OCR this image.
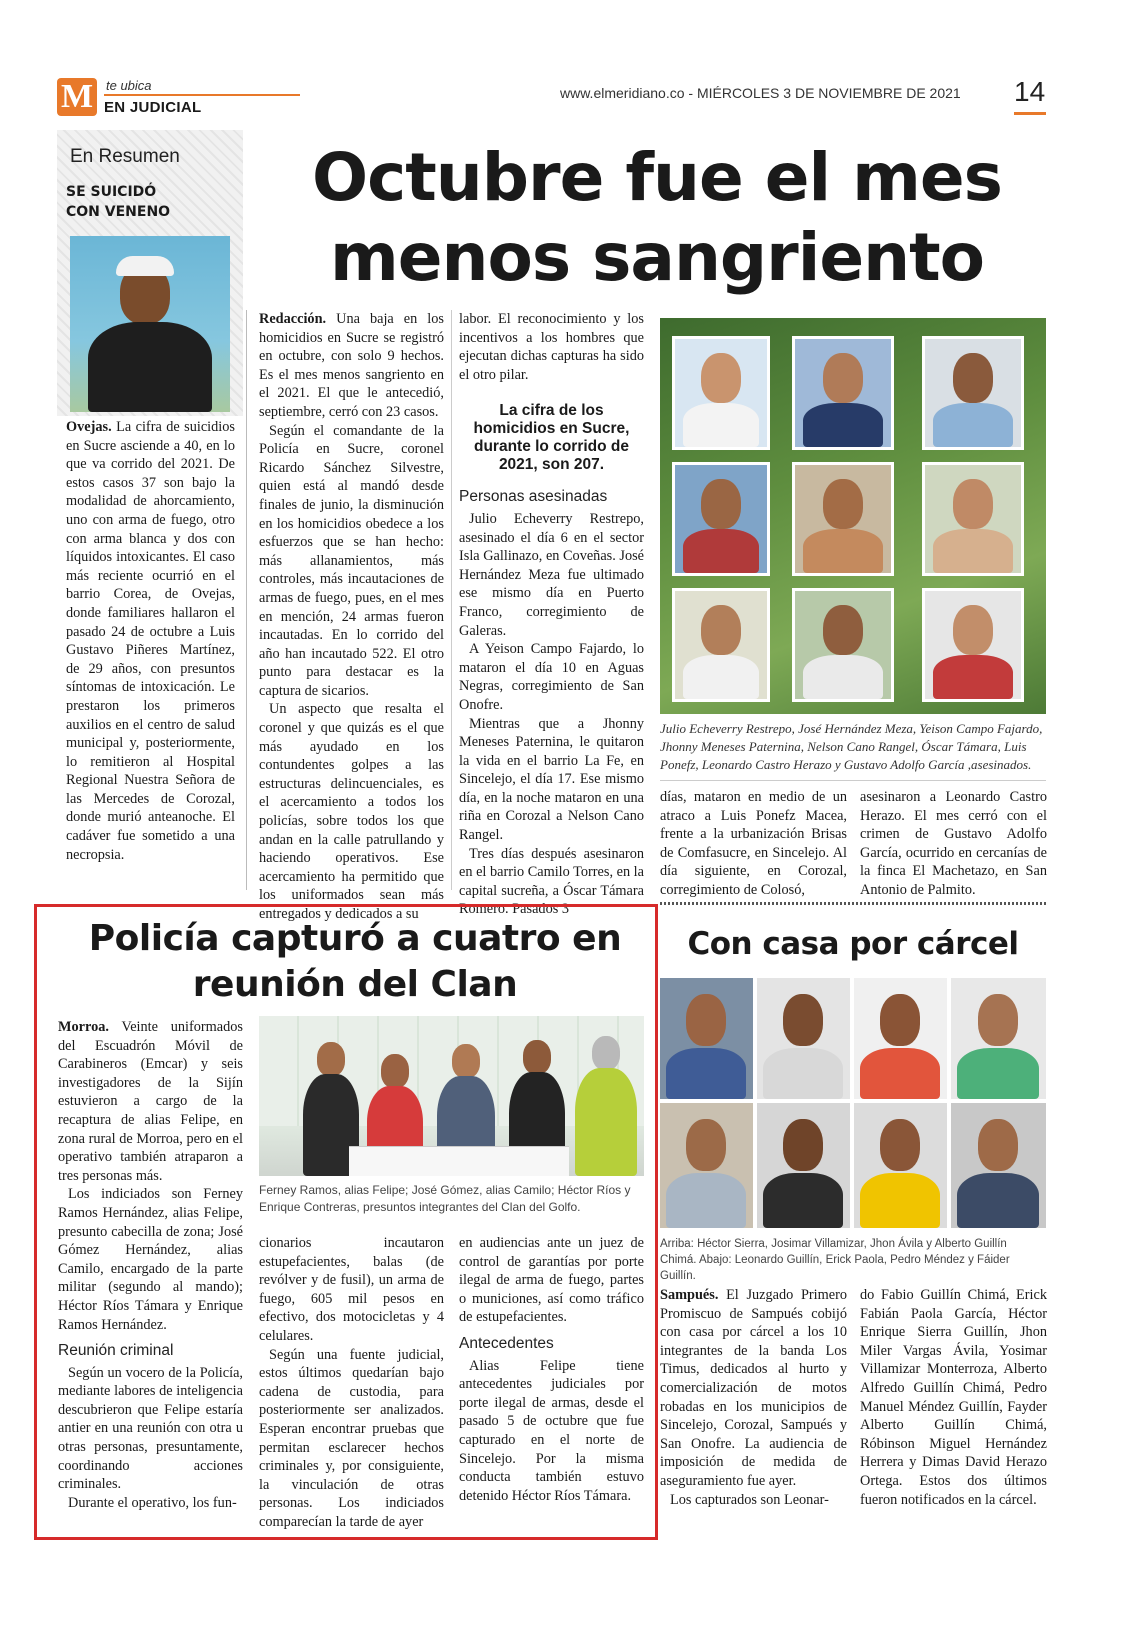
M te ubica
EN JUDICIAL
www.elmeridiano.co - MIÉRCOLES 3 DE NOVIEMBRE DE 2021 14
En Resumen
SE SUICIDÓ CON VENENO

Ovejas. La cifra de suicidios en Sucre asciende a 40, en lo que va corrido del 2021. De estos casos 37 son bajo la modalidad de ahorcamiento, uno con arma de fuego, otro con arma blanca y dos con líquidos intoxicantes. El caso más reciente ocurrió en el barrio Corea, de Ovejas, donde familiares hallaron el pasado 24 de octubre a Luis Gustavo Piñeres Martínez, de 29 años, con presuntos síntomas de intoxicación. Le prestaron los primeros auxilios en el centro de salud municipal y, posteriormente, lo remitieron al Hospital Regional Nuestra Señora de las Mercedes de Corozal, donde murió anteanoche. El cadáver fue sometido a una necropsia.

Octubre fue el mes menos sangriento

Redacción. Una baja en los homicidios en Sucre se registró en octubre, con solo 9 hechos. Es el mes menos sangriento en el 2021. El que le antecedió, septiembre, cerró con 23 casos.

Según el comandante de la Policía en Sucre, coronel Ricardo Sánchez Silvestre, quien está al mandó desde finales de junio, la disminución en los homicidios obedece a los esfuerzos que se han hecho: más allanamientos, más controles, más incautaciones de armas de fuego, pues, en el mes en mención, 24 armas fueron incautadas. En lo corrido del año han incautado 522. El otro punto para destacar es la captura de sicarios.

Un aspecto que resalta el coronel y que quizás es el que más ayudado en los contundentes golpes a las estructuras delincuenciales, es el acercamiento a todos los policías, sobre todos los que andan en la calle patrullando y haciendo operativos. Ese acercamiento ha permitido que los uniformados sean más entregados y dedicados a su

labor. El reconocimiento y los incentivos a los hombres que ejecutan dichas capturas ha sido el otro pilar.

La cifra de los homicidios en Sucre, durante lo corrido de 2021, son 207.
Personas asesinadas

Julio Echeverry Restrepo, asesinado el día 6 en el sector Isla Gallinazo, en Coveñas. José Hernández Meza fue ultimado ese mismo día en Puerto Franco, corregimiento de Galeras.

A Yeison Campo Fajardo, lo mataron el día 10 en Aguas Negras, corregimiento de San Onofre.

Mientras que a Jhonny Meneses Paternina, le quitaron la vida en el barrio La Fe, en Sincelejo, el día 17. Ese mismo día, en la noche mataron en una riña en Corozal a Nelson Cano Rangel.

Tres días después asesinaron en el barrio Camilo Torres, en la capital sucreña, a Óscar Támara Romero. Pasados 3

Julio Echeverry Restrepo, José Hernández Meza, Yeison Campo Fajardo, Jhonny Meneses Paternina, Nelson Cano Rangel, Óscar Támara, Luis Ponefz, Leonardo Castro Herazo y Gustavo Adolfo García ,asesinados.

días, mataron en medio de un atraco a Luis Ponefz Macea, frente a la urbanización Brisas de Comfasucre, en Sincelejo. Al día siguiente, en Corozal, corregimiento de Colosó,

asesinaron a Leonardo Castro Herazo. El mes cerró con el crimen de Gustavo Adolfo García, ocurrido en cercanías de la finca El Machetazo, en San Antonio de Palmito.

Policía capturó a cuatro en reunión del Clan

Morroa. Veinte uniformados del Escuadrón Móvil de Carabineros (Emcar) y seis investigadores de la Sijín estuvieron a cargo de la recaptura de alias Felipe, en zona rural de Morroa, pero en el operativo también atraparon a tres personas más.

Los indiciados son Ferney Ramos Hernández, alias Felipe, presunto cabecilla de zona; José Gómez Hernández, alias Camilo, encargado de la parte militar (segundo al mando); Héctor Ríos Támara y Enrique Ramos Hernández.

Reunión criminal

Según un vocero de la Policía, mediante labores de inteligencia descubrieron que Felipe estaría antier en una reunión con otra u otras personas, presuntamente, coordinando acciones criminales.

Durante el operativo, los fun-

Ferney Ramos, alias Felipe; José Gómez, alias Camilo; Héctor Ríos y Enrique Contreras, presuntos integrantes del Clan del Golfo.

cionarios incautaron estupefacientes, balas (de revólver y de fusil), un arma de fuego, 605 mil pesos en efectivo, dos motocicletas y 4 celulares.

Según una fuente judicial, estos últimos quedarían bajo cadena de custodia, para posteriormente ser analizados. Esperan encontrar pruebas que permitan esclarecer hechos criminales y, por consiguiente, la vinculación de otras personas. Los indiciados comparecían la tarde de ayer

en audiencias ante un juez de control de garantías por porte ilegal de arma de fuego, partes o municiones, así como tráfico de estupefacientes.

Antecedentes

Alias Felipe tiene antecedentes judiciales por porte ilegal de armas, desde el pasado 5 de octubre que fue capturado en el norte de Sincelejo. Por la misma conducta también estuvo detenido Héctor Ríos Támara.

Con casa por cárcel
Arriba: Héctor Sierra, Josimar Villamizar, Jhon Ávila y Alberto Guillín Chimá. Abajo: Leonardo Guillín, Erick Paola, Pedro Méndez y Fáider Guillín.

Sampués. El Juzgado Primero Promiscuo de Sampués cobijó con casa por cárcel a los 10 integrantes de la banda Los Timus, dedicados al hurto y comercialización de motos robadas en los municipios de Sincelejo, Corozal, Sampués y San Onofre. La audiencia de imposición de medida de aseguramiento fue ayer.

Los capturados son Leonar-

do Fabio Guillín Chimá, Erick Fabián Paola García, Héctor Enrique Sierra Guillín, Jhon Miler Vargas Ávila, Yosimar Villamizar Monterroza, Alberto Alfredo Guillín Chimá, Pedro Manuel Méndez Guillín, Fayder Alberto Guillín Chimá, Róbinson Miguel Hernández Herrera y Dimas David Herazo Ortega. Estos dos últimos fueron notificados en la cárcel.
